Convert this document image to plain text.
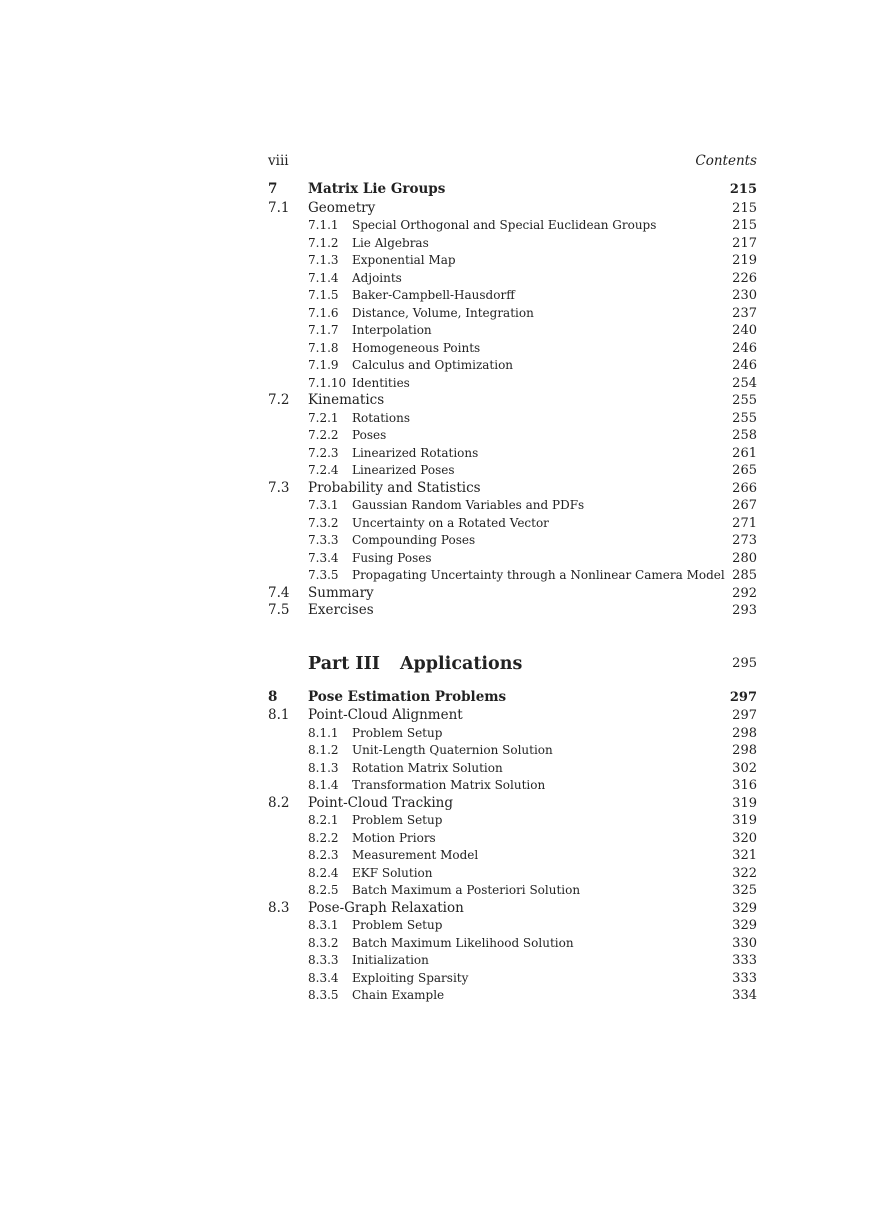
viii	Contents
7 Matrix Lie Groups	215
7.1 Geometry	215
7.1.1 Special Orthogonal and Special Euclidean Groups	215
7.1.2 Lie Algebras	217
7.1.3 Exponential Map	219
7.1.4 Adjoints	226
7.1.5 Baker-Campbell-Hausdorff	230
7.1.6 Distance, Volume, Integration	237
7.1.7 Interpolation	240
7.1.8 Homogeneous Points	246
7.1.9 Calculus and Optimization	246
7.1.10 Identities	254
7.2 Kinematics	255
7.2.1 Rotations	255
7.2.2 Poses	258
7.2.3 Linearized Rotations	261
7.2.4 Linearized Poses	265
7.3 Probability and Statistics	266
7.3.1 Gaussian Random Variables and PDFs	267
7.3.2 Uncertainty on a Rotated Vector	271
7.3.3 Compounding Poses	273
7.3.4 Fusing Poses	280
7.3.5 Propagating Uncertainty through a Nonlinear Camera Model 285
7.4 Summary	292
7.5 Exercises	293
Part III Applications	295
8 Pose Estimation Problems	297
8.1 Point-Cloud Alignment	297
8.1.1 Problem Setup	298
8.1.2 Unit-Length Quaternion Solution	298
8.1.3 Rotation Matrix Solution	302
8.1.4 Transformation Matrix Solution	316
8.2 Point-Cloud Tracking	319
8.2.1 Problem Setup	319
8.2.2 Motion Priors	320
8.2.3 Measurement Model	321
8.2.4 EKF Solution	322
8.2.5 Batch Maximum a Posteriori Solution	325
8.3 Pose-Graph Relaxation	329
8.3.1 Problem Setup	329
8.3.2 Batch Maximum Likelihood Solution	330
8.3.3 Initialization	333
8.3.4 Exploiting Sparsity	333
8.3.5 Chain Example	334
